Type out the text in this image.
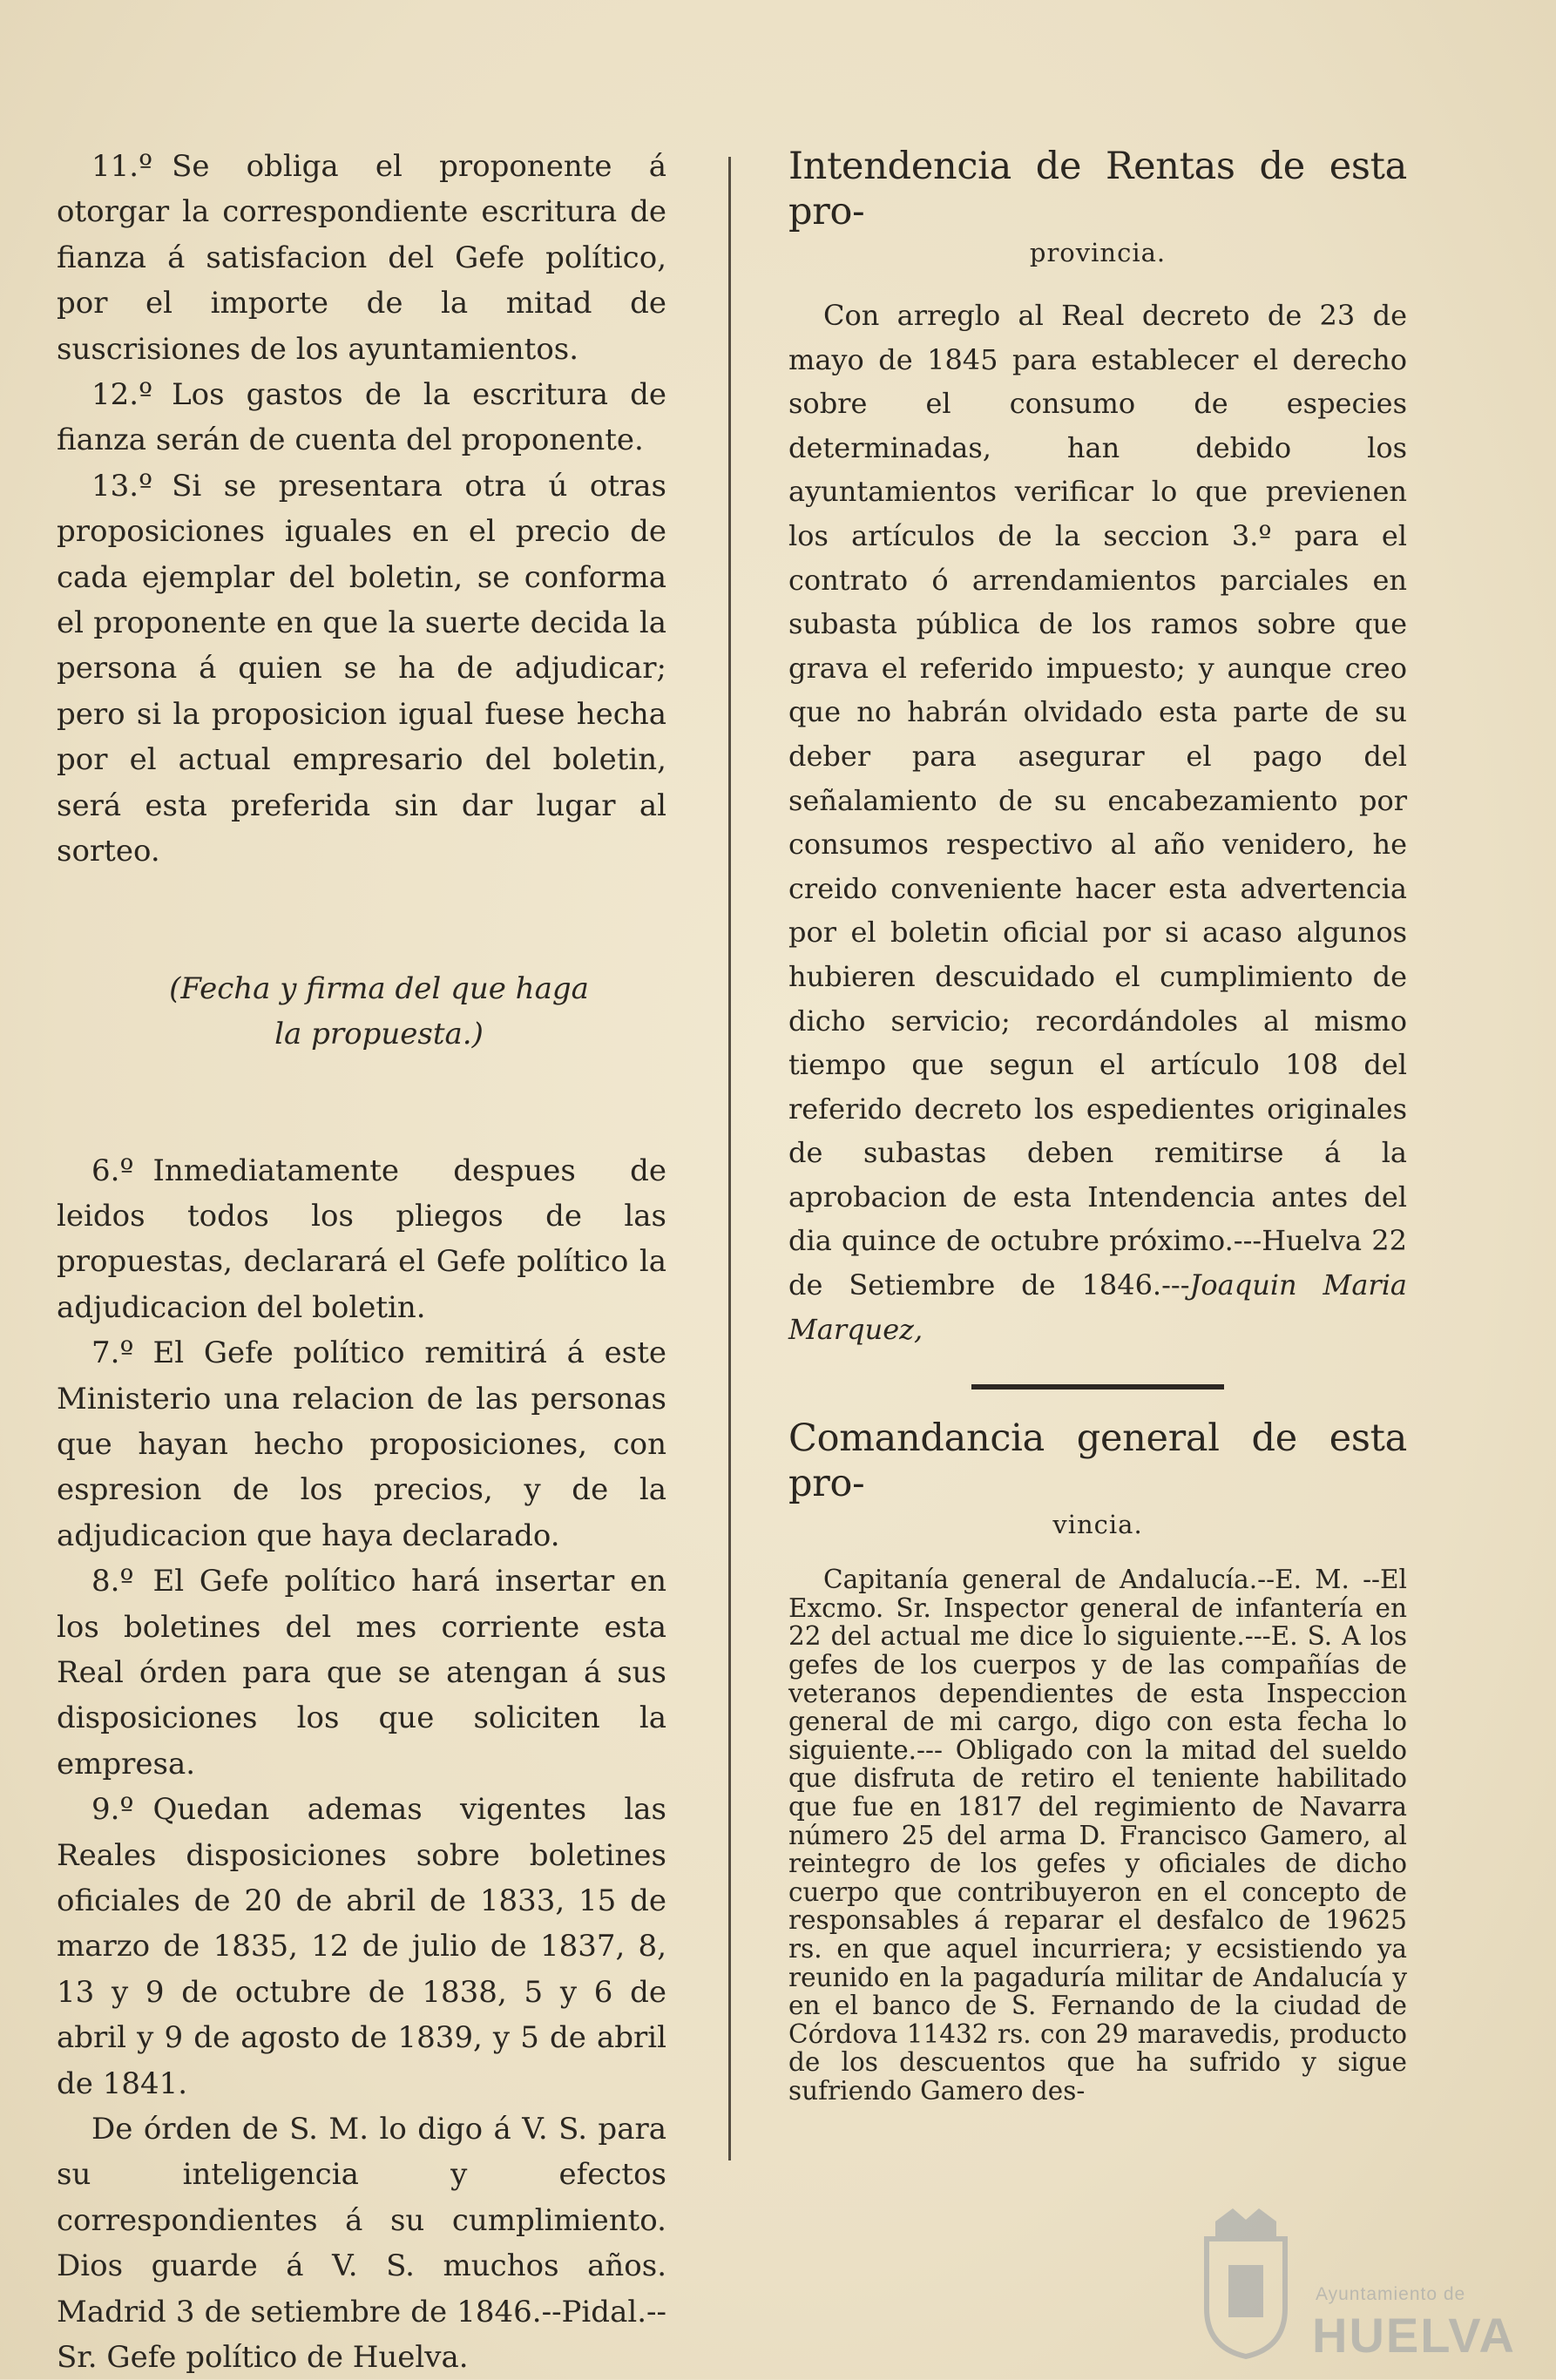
11.º Se obliga el proponente á otorgar la correspondiente escritura de fianza á satisfacion del Gefe político, por el importe de la mitad de suscrisiones de los ayuntamientos.

12.º Los gastos de la escritura de fianza serán de cuenta del proponente.

13.º Si se presentara otra ú otras proposiciones iguales en el precio de cada ejemplar del boletin, se conforma el proponente en que la suerte decida la persona á quien se ha de adjudicar; pero si la proposicion igual fuese hecha por el actual empresario del boletin, será esta preferida sin dar lugar al sorteo.

(Fecha y firma del que haga
la propuesta.)

6.º Inmediatamente despues de leidos todos los pliegos de las propuestas, declarará el Gefe político la adjudicacion del boletin.

7.º El Gefe político remitirá á este Ministerio una relacion de las personas que hayan hecho proposiciones, con espresion de los precios, y de la adjudicacion que haya declarado.

8.º El Gefe político hará insertar en los boletines del mes corriente esta Real órden para que se atengan á sus disposiciones los que soliciten la empresa.

9.º Quedan ademas vigentes las Reales disposiciones sobre boletines oficiales de 20 de abril de 1833, 15 de marzo de 1835, 12 de julio de 1837, 8, 13 y 9 de octubre de 1838, 5 y 6 de abril y 9 de agosto de 1839, y 5 de abril de 1841.

De órden de S. M. lo digo á V. S. para su inteligencia y efectos correspondientes á su cumplimiento. Dios guarde á V. S. muchos años. Madrid 3 de setiembre de 1846.--Pidal.-- Sr. Gefe político de Huelva.

Intendencia de Rentas de esta pro-
provincia.

Con arreglo al Real decreto de 23 de mayo de 1845 para establecer el derecho sobre el consumo de especies determinadas, han debido los ayuntamientos verificar lo que previenen los artículos de la seccion 3.º para el contrato ó arrendamientos parciales en subasta pública de los ramos sobre que grava el referido impuesto; y aunque creo que no habrán olvidado esta parte de su deber para asegurar el pago del señalamiento de su encabezamiento por consumos respectivo al año venidero, he creido conveniente hacer esta advertencia por el boletin oficial por si acaso algunos hubieren descuidado el cumplimiento de dicho servicio; recordándoles al mismo tiempo que segun el artículo 108 del referido decreto los espedientes originales de subastas deben remitirse á la aprobacion de esta Intendencia antes del dia quince de octubre próximo.---Huelva 22 de Setiembre de 1846.---Joaquin Maria Marquez,

Comandancia general de esta pro-
vincia.

Capitanía general de Andalucía.--E. M. --El Excmo. Sr. Inspector general de infantería en 22 del actual me dice lo siguiente.---E. S. A los gefes de los cuerpos y de las compañías de veteranos dependientes de esta Inspeccion general de mi cargo, digo con esta fecha lo siguiente.--- Obligado con la mitad del sueldo que disfruta de retiro el teniente habilitado que fue en 1817 del regimiento de Navarra número 25 del arma D. Francisco Gamero, al reintegro de los gefes y oficiales de dicho cuerpo que contribuyeron en el concepto de responsables á reparar el desfalco de 19625 rs. en que aquel incurriera; y ecsistiendo ya reunido en la pagaduría militar de Andalucía y en el banco de S. Fernando de la ciudad de Córdova 11432 rs. con 29 maravedis, producto de los descuentos que ha sufrido y sigue sufriendo Gamero des-

Ayuntamiento de
HUELVA
